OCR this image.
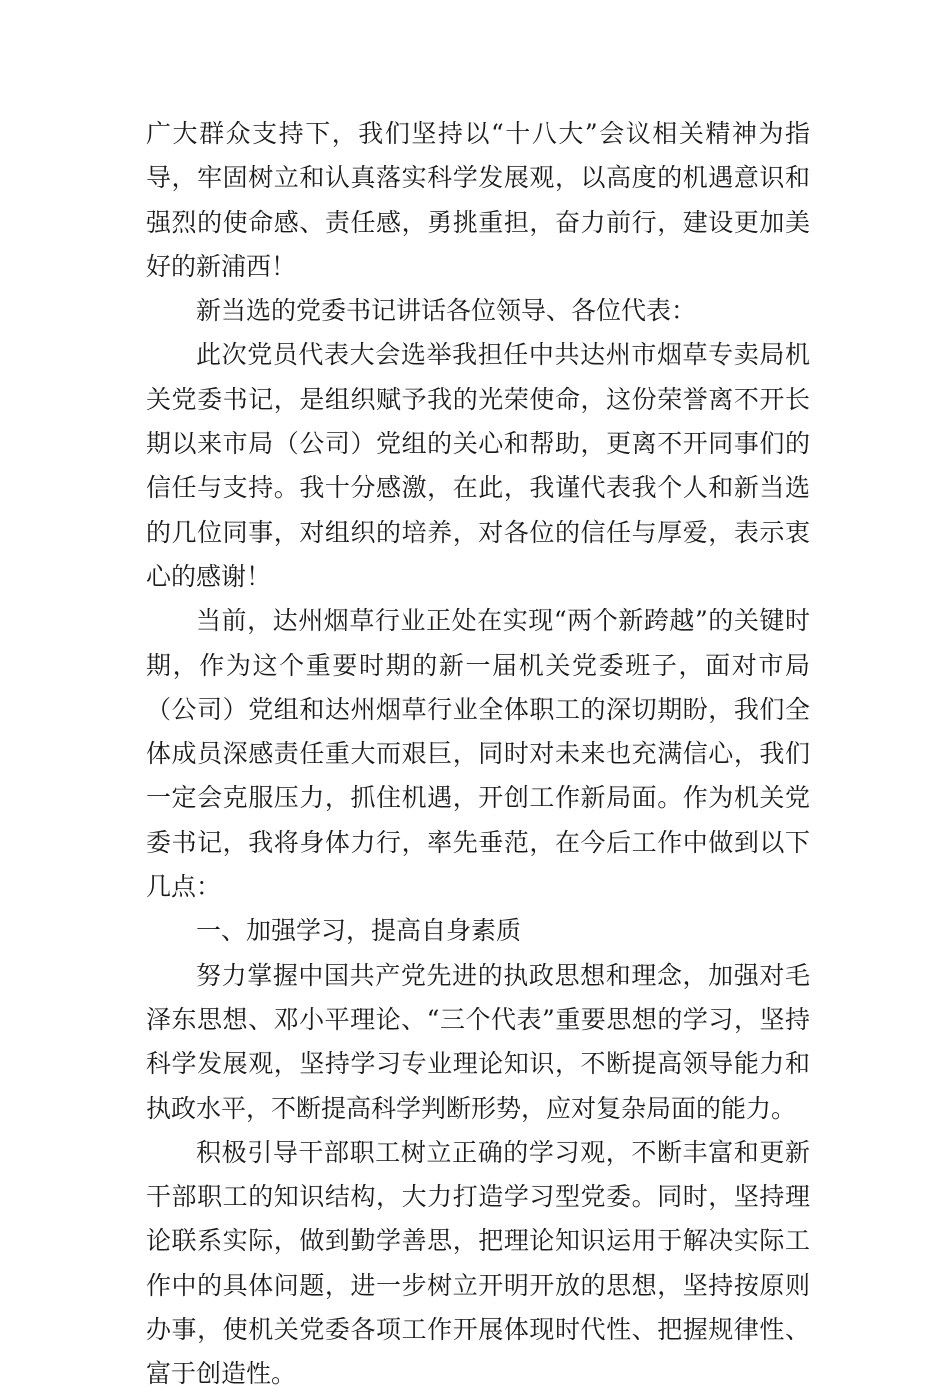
广大群众支持下，我们坚持以“十八大”会议相关精神为指导，牢固树立和认真落实科学发展观，以高度的机遇意识和强烈的使命感、责任感，勇挑重担，奋力前行，建设更加美好的新浦西！

新当选的党委书记讲话各位领导、各位代表：

此次党员代表大会选举我担任中共达州市烟草专卖局机关党委书记，是组织赋予我的光荣使命，这份荣誉离不开长期以来市局（公司）党组的关心和帮助，更离不开同事们的信任与支持。我十分感激，在此，我谨代表我个人和新当选的几位同事，对组织的培养，对各位的信任与厚爱，表示衷心的感谢！

当前，达州烟草行业正处在实现“两个新跨越”的关键时期，作为这个重要时期的新一届机关党委班子，面对市局（公司）党组和达州烟草行业全体职工的深切期盼，我们全体成员深感责任重大而艰巨，同时对未来也充满信心，我们一定会克服压力，抓住机遇，开创工作新局面。作为机关党委书记，我将身体力行，率先垂范，在今后工作中做到以下几点：

一、加强学习，提高自身素质

努力掌握中国共产党先进的执政思想和理念，加强对毛泽东思想、邓小平理论、“三个代表”重要思想的学习，坚持科学发展观，坚持学习专业理论知识，不断提高领导能力和执政水平，不断提高科学判断形势，应对复杂局面的能力。

积极引导干部职工树立正确的学习观，不断丰富和更新干部职工的知识结构，大力打造学习型党委。同时，坚持理论联系实际，做到勤学善思，把理论知识运用于解决实际工作中的具体问题，进一步树立开明开放的思想，坚持按原则办事，使机关党委各项工作开展体现时代性、把握规律性、富于创造性。
